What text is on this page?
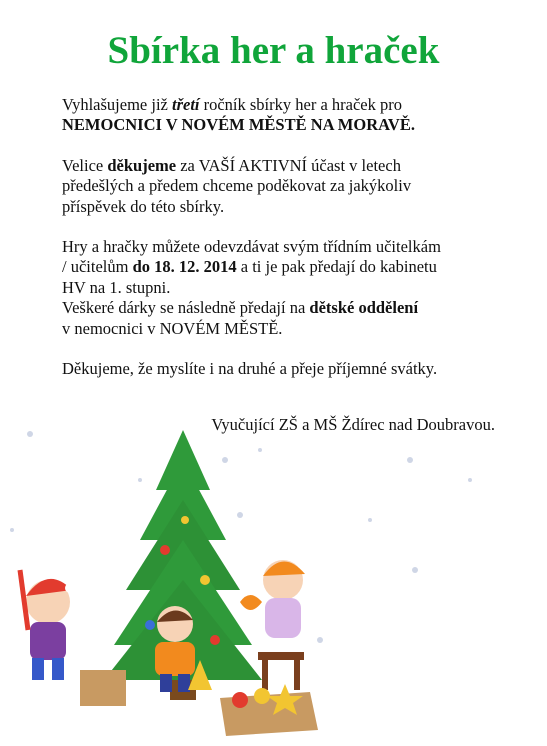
Sbírka her a hraček

Vyhlašujeme již třetí ročník sbírky her a hraček pro
NEMOCNICI V NOVÉM MĚSTĚ NA MORAVĚ.

Velice děkujeme za VAŠÍ AKTIVNÍ účast v letech
předešlých a předem chceme poděkovat za jakýkoliv
příspěvek do této sbírky.

Hry a hračky můžete odevzdávat svým třídním učitelkám
/ učitelům do 18. 12. 2014 a ti je pak předají do kabinetu
HV na 1. stupni.
Veškeré dárky se následně předají na dětské oddělení
v nemocnici v NOVÉM MĚSTĚ.

Děkujeme, že myslíte i na druhé a přeje příjemné svátky.

Vyučující ZŠ a MŠ Ždírec nad Doubravou.
